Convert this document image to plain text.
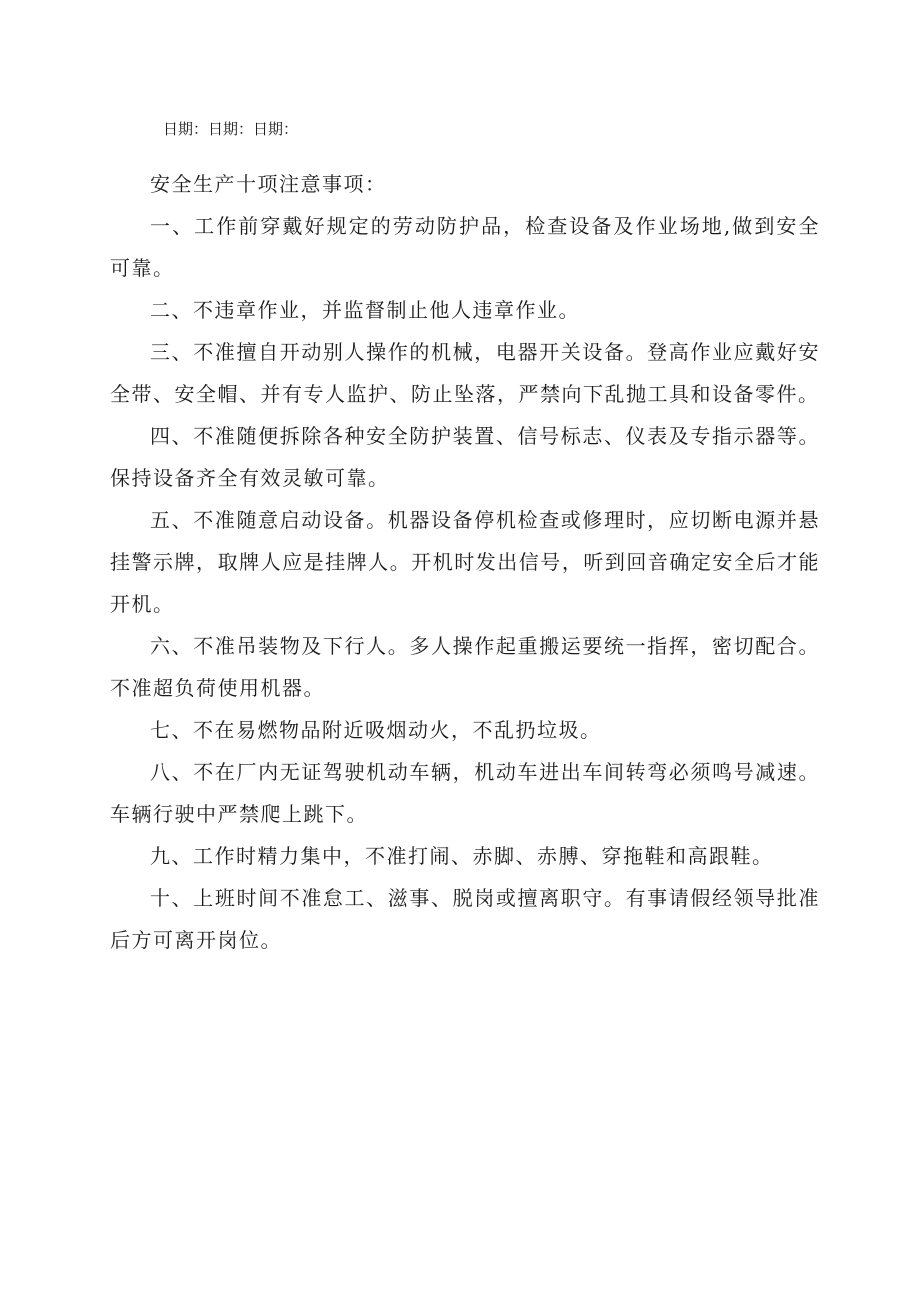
日期：日期：日期：

安全生产十项注意事项：

一、工作前穿戴好规定的劳动防护品，检查设备及作业场地,做到安全可靠。

二、不违章作业，并监督制止他人违章作业。

三、不准擅自开动别人操作的机械，电器开关设备。登高作业应戴好安全带、安全帽、并有专人监护、防止坠落，严禁向下乱抛工具和设备零件。

四、不准随便拆除各种安全防护装置、信号标志、仪表及专指示器等。保持设备齐全有效灵敏可靠。

五、不准随意启动设备。机器设备停机检查或修理时，应切断电源并悬挂警示牌，取牌人应是挂牌人。开机时发出信号，听到回音确定安全后才能开机。

六、不准吊装物及下行人。多人操作起重搬运要统一指挥，密切配合。不准超负荷使用机器。

七、不在易燃物品附近吸烟动火，不乱扔垃圾。

八、不在厂内无证驾驶机动车辆，机动车进出车间转弯必须鸣号减速。车辆行驶中严禁爬上跳下。

九、工作时精力集中，不准打闹、赤脚、赤膊、穿拖鞋和高跟鞋。

十、上班时间不准怠工、滋事、脱岗或擅离职守。有事请假经领导批准后方可离开岗位。
